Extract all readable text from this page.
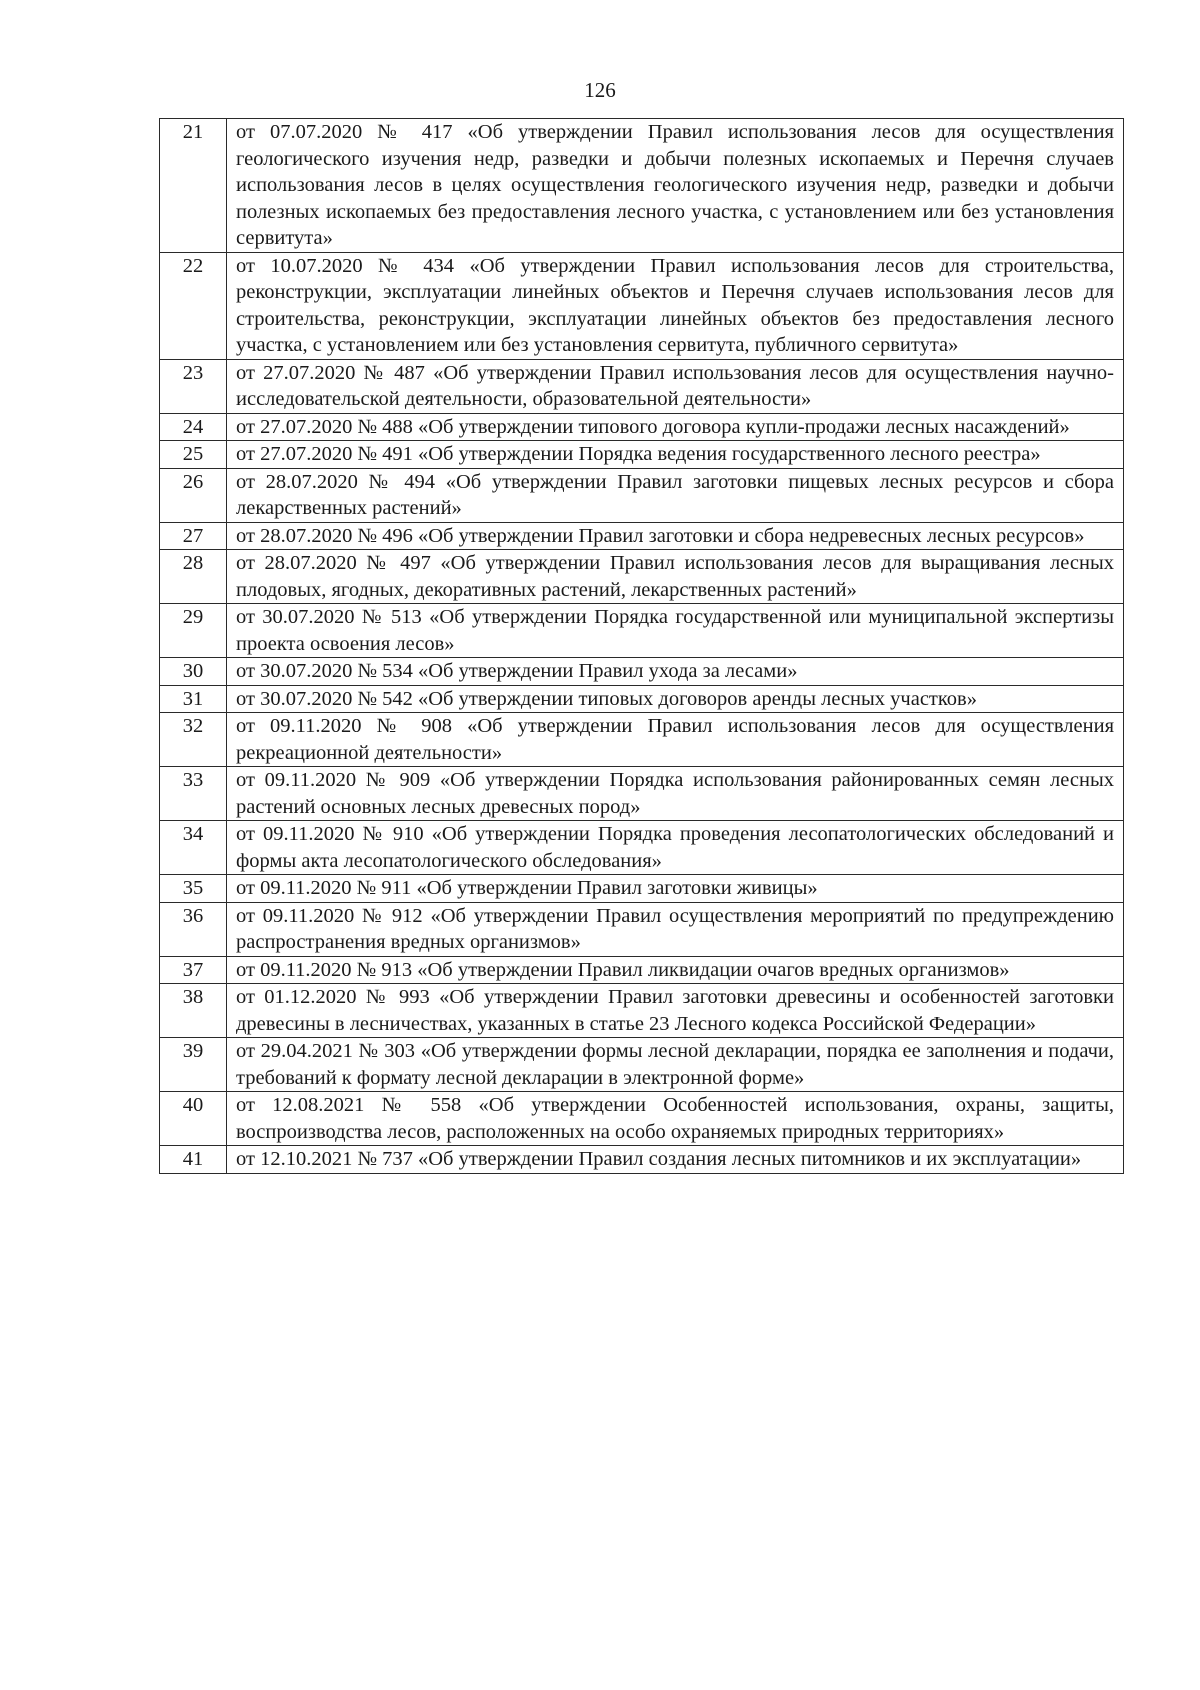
126
21	от 07.07.2020 № 417 «Об утверждении Правил использования лесов для осуществления геологического изучения недр, разведки и добычи полезных ископаемых и Перечня случаев использования лесов в целях осуществления геологического изучения недр, разведки и добычи полезных ископаемых без предоставления лесного участка, с установлением или без установления сервитута»
22	от 10.07.2020 № 434 «Об утверждении Правил использования лесов для строительства, реконструкции, эксплуатации линейных объектов и Перечня случаев использования лесов для строительства, реконструкции, эксплуатации линейных объектов без предоставления лесного участка, с установлением или без установления сервитута, публичного сервитута»
23	от 27.07.2020 № 487 «Об утверждении Правил использования лесов для осуществления научно-исследовательской деятельности, образовательной деятельности»
24	от 27.07.2020 № 488 «Об утверждении типового договора купли-продажи лесных насаждений»
25	от 27.07.2020 № 491 «Об утверждении Порядка ведения государственного лесного реестра»
26	от 28.07.2020 № 494 «Об утверждении Правил заготовки пищевых лесных ресурсов и сбора лекарственных растений»
27	от 28.07.2020 № 496 «Об утверждении Правил заготовки и сбора недревесных лесных ресурсов»
28	от 28.07.2020 № 497 «Об утверждении Правил использования лесов для выращивания лесных плодовых, ягодных, декоративных растений, лекарственных растений»
29	от 30.07.2020 № 513 «Об утверждении Порядка государственной или муниципальной экспертизы проекта освоения лесов»
30	от 30.07.2020 № 534 «Об утверждении Правил ухода за лесами»
31	от 30.07.2020 № 542 «Об утверждении типовых договоров аренды лесных участков»
32	от 09.11.2020 № 908 «Об утверждении Правил использования лесов для осуществления рекреационной деятельности»
33	от 09.11.2020 № 909 «Об утверждении Порядка использования районированных семян лесных растений основных лесных древесных пород»
34	от 09.11.2020 № 910 «Об утверждении Порядка проведения лесопатологических обследований и формы акта лесопатологического обследования»
35	от 09.11.2020 № 911 «Об утверждении Правил заготовки живицы»
36	от 09.11.2020 № 912 «Об утверждении Правил осуществления мероприятий по предупреждению распространения вредных организмов»
37	от 09.11.2020 № 913 «Об утверждении Правил ликвидации очагов вредных организмов»
38	от 01.12.2020 № 993 «Об утверждении Правил заготовки древесины и особенностей заготовки древесины в лесничествах, указанных в статье 23 Лесного кодекса Российской Федерации»
39	от 29.04.2021 № 303 «Об утверждении формы лесной декларации, порядка ее заполнения и подачи, требований к формату лесной декларации в электронной форме»
40	от 12.08.2021 № 558 «Об утверждении Особенностей использования, охраны, защиты, воспроизводства лесов, расположенных на особо охраняемых природных территориях»
41	от 12.10.2021 № 737 «Об утверждении Правил создания лесных питомников и их эксплуатации»
